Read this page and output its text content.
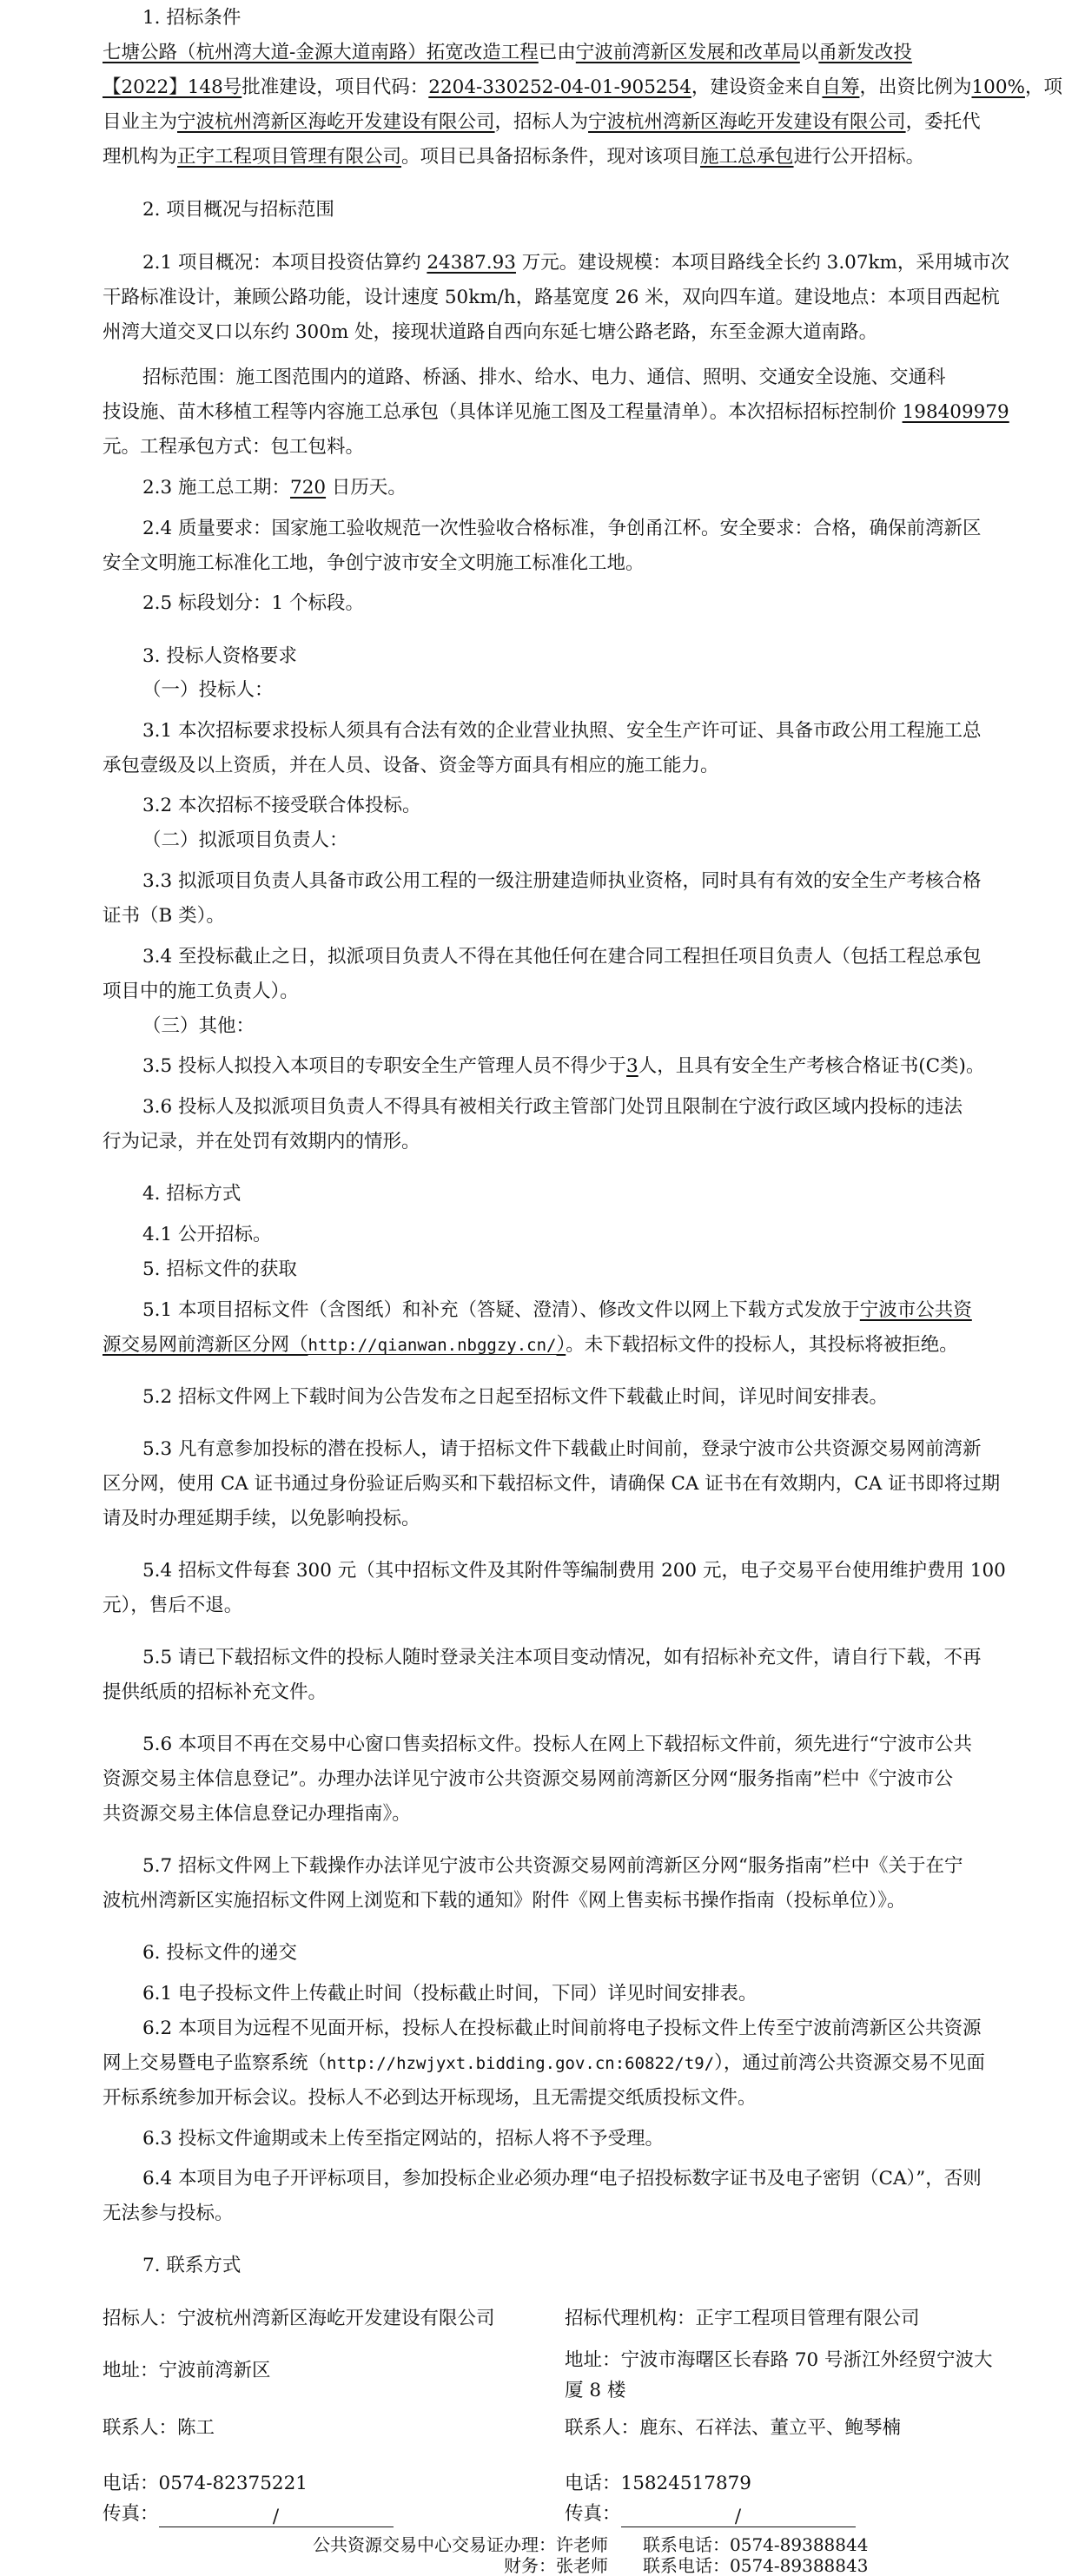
1. 招标条件
七塘公路（杭州湾大道-金源大道南路）拓宽改造工程已由宁波前湾新区发展和改革局以甬新发改投
【2022】148号批准建设，项目代码：2204-330252-04-01-905254，建设资金来自自筹，出资比例为100%，项
目业主为宁波杭州湾新区海屹开发建设有限公司，招标人为宁波杭州湾新区海屹开发建设有限公司，委托代
理机构为正宇工程项目管理有限公司。项目已具备招标条件，现对该项目施工总承包进行公开招标。
2. 项目概况与招标范围
2.1 项目概况：本项目投资估算约 24387.93 万元。建设规模：本项目路线全长约 3.07km，采用城市次
干路标准设计，兼顾公路功能，设计速度 50km/h，路基宽度 26 米，双向四车道。建设地点：本项目西起杭
州湾大道交叉口以东约 300m 处，接现状道路自西向东延七塘公路老路，东至金源大道南路。
招标范围：施工图范围内的道路、桥涵、排水、给水、电力、通信、照明、交通安全设施、交通科
技设施、苗木移植工程等内容施工总承包（具体详见施工图及工程量清单）。本次招标招标控制价 198409979
元。工程承包方式：包工包料。
2.3 施工总工期：720 日历天。
2.4 质量要求：国家施工验收规范一次性验收合格标准，争创甬江杯。安全要求：合格，确保前湾新区
安全文明施工标准化工地，争创宁波市安全文明施工标准化工地。
2.5 标段划分：1 个标段。
3. 投标人资格要求
（一）投标人：
3.1 本次招标要求投标人须具有合法有效的企业营业执照、安全生产许可证、具备市政公用工程施工总
承包壹级及以上资质，并在人员、设备、资金等方面具有相应的施工能力。
3.2 本次招标不接受联合体投标。
（二）拟派项目负责人：
3.3 拟派项目负责人具备市政公用工程的一级注册建造师执业资格，同时具有有效的安全生产考核合格
证书（B 类）。
3.4 至投标截止之日，拟派项目负责人不得在其他任何在建合同工程担任项目负责人（包括工程总承包
项目中的施工负责人）。
（三）其他：
3.5 投标人拟投入本项目的专职安全生产管理人员不得少于3人，且具有安全生产考核合格证书(C类)。
3.6 投标人及拟派项目负责人不得具有被相关行政主管部门处罚且限制在宁波行政区域内投标的违法
行为记录，并在处罚有效期内的情形。
4. 招标方式
4.1 公开招标。
5. 招标文件的获取
5.1 本项目招标文件（含图纸）和补充（答疑、澄清）、修改文件以网上下载方式发放于宁波市公共资
源交易网前湾新区分网（http://qianwan.nbggzy.cn/）。未下载招标文件的投标人，其投标将被拒绝。
5.2 招标文件网上下载时间为公告发布之日起至招标文件下载截止时间，详见时间安排表。
5.3 凡有意参加投标的潜在投标人，请于招标文件下载截止时间前，登录宁波市公共资源交易网前湾新
区分网，使用 CA 证书通过身份验证后购买和下载招标文件，请确保 CA 证书在有效期内，CA 证书即将过期
请及时办理延期手续，以免影响投标。
5.4 招标文件每套 300 元（其中招标文件及其附件等编制费用 200 元，电子交易平台使用维护费用 100
元），售后不退。
5.5 请已下载招标文件的投标人随时登录关注本项目变动情况，如有招标补充文件，请自行下载，不再
提供纸质的招标补充文件。
5.6 本项目不再在交易中心窗口售卖招标文件。投标人在网上下载招标文件前，须先进行“宁波市公共
资源交易主体信息登记”。办理办法详见宁波市公共资源交易网前湾新区分网“服务指南”栏中《宁波市公
共资源交易主体信息登记办理指南》。
5.7 招标文件网上下载操作办法详见宁波市公共资源交易网前湾新区分网“服务指南”栏中《关于在宁
波杭州湾新区实施招标文件网上浏览和下载的通知》附件《网上售卖标书操作指南（投标单位）》。
6. 投标文件的递交
6.1 电子投标文件上传截止时间（投标截止时间，下同）详见时间安排表。
6.2 本项目为远程不见面开标，投标人在投标截止时间前将电子投标文件上传至宁波前湾新区公共资源
网上交易暨电子监察系统（http://hzwjyxt.bidding.gov.cn:60822/t9/），通过前湾公共资源交易不见面
开标系统参加开标会议。投标人不必到达开标现场，且无需提交纸质投标文件。
6.3 投标文件逾期或未上传至指定网站的，招标人将不予受理。
6.4 本项目为电子开评标项目，参加投标企业必须办理“电子招投标数字证书及电子密钥（CA）”，否则
无法参与投标。
7. 联系方式
招标人：宁波杭州湾新区海屹开发建设有限公司
地址：宁波前湾新区
联系人：陈工
电话：0574-82375221
传真：	/
招标代理机构：正宇工程项目管理有限公司
地址：宁波市海曙区长春路 70 号浙江外经贸宁波大
厦 8 楼
联系人：鹿东、石祥法、董立平、鲍琴楠
电话：15824517879
传真：	/
公共资源交易中心交易证办理：许老师　　联系电话：0574-89388844
财务：张老师　　联系电话：0574-89388843
